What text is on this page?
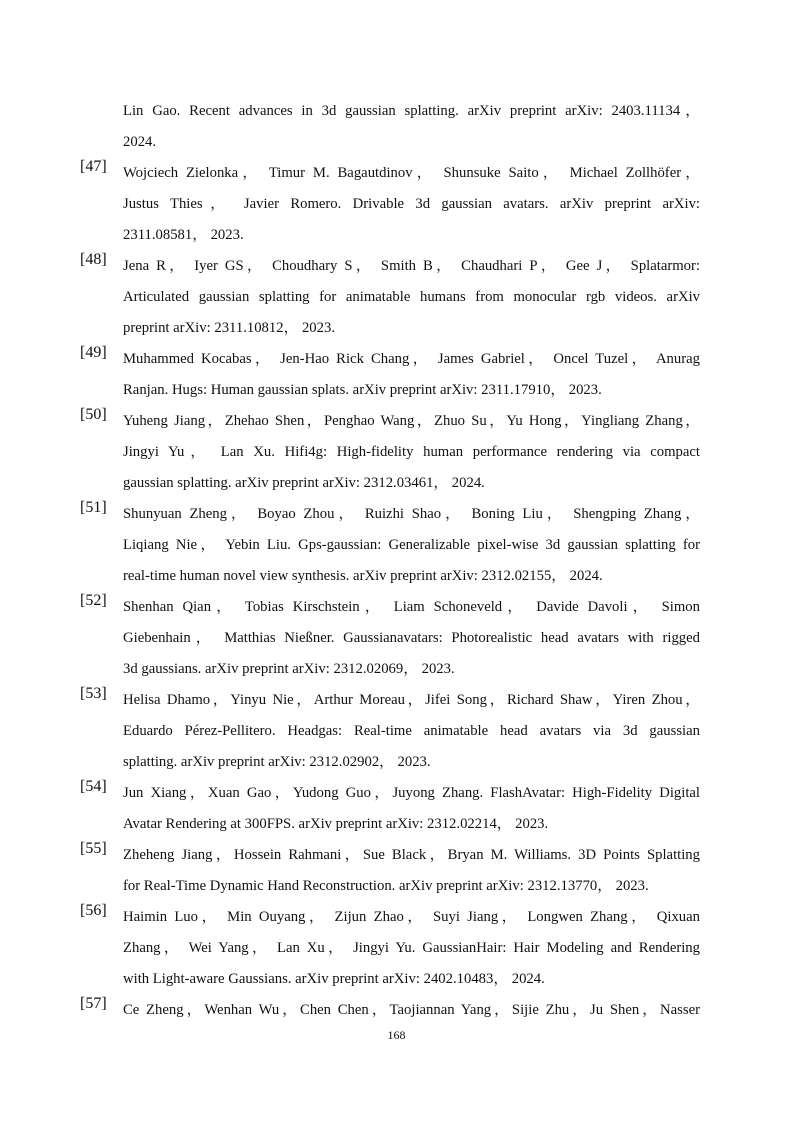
Lin Gao. Recent advances in 3d gaussian splatting. arXiv preprint arXiv: 2403.11134，
2024.
[47] Wojciech Zielonka， Timur M. Bagautdinov， Shunsuke Saito， Michael Zollhöfer，
Justus Thies， Javier Romero. Drivable 3d gaussian avatars. arXiv preprint arXiv:
2311.08581， 2023.
[48] Jena R， Iyer GS， Choudhary S， Smith B， Chaudhari P， Gee J， Splatarmor:
Articulated gaussian splatting for animatable humans from monocular rgb videos. arXiv
preprint arXiv: 2311.10812， 2023.
[49] Muhammed Kocabas， Jen-Hao Rick Chang， James Gabriel， Oncel Tuzel， Anurag
Ranjan. Hugs: Human gaussian splats. arXiv preprint arXiv: 2311.17910， 2023.
[50] Yuheng Jiang，Zhehao Shen，Penghao Wang，Zhuo Su，Yu Hong，Yingliang Zhang，
Jingyi Yu， Lan Xu. Hifi4g: High-fidelity human performance rendering via compact
gaussian splatting. arXiv preprint arXiv: 2312.03461， 2024.
[51] Shunyuan Zheng， Boyao Zhou， Ruizhi Shao， Boning Liu， Shengping Zhang，
Liqiang Nie， Yebin Liu. Gps-gaussian: Generalizable pixel-wise 3d gaussian splatting for
real-time human novel view synthesis. arXiv preprint arXiv: 2312.02155， 2024.
[52] Shenhan Qian， Tobias Kirschstein， Liam Schoneveld， Davide Davoli， Simon
Giebenhain， Matthias Nießner. Gaussianavatars: Photorealistic head avatars with rigged
3d gaussians. arXiv preprint arXiv: 2312.02069， 2023.
[53] Helisa Dhamo，Yinyu Nie，Arthur Moreau，Jifei Song，Richard Shaw，Yiren Zhou，
Eduardo Pérez-Pellitero. Headgas: Real-time animatable head avatars via 3d gaussian
splatting. arXiv preprint arXiv: 2312.02902， 2023.
[54] Jun Xiang，Xuan Gao，Yudong Guo，Juyong Zhang. FlashAvatar: High-Fidelity Digital
Avatar Rendering at 300FPS. arXiv preprint arXiv: 2312.02214， 2023.
[55] Zheheng Jiang，Hossein Rahmani，Sue Black，Bryan M. Williams. 3D Points Splatting
for Real-Time Dynamic Hand Reconstruction. arXiv preprint arXiv: 2312.13770， 2023.
[56] Haimin Luo， Min Ouyang， Zijun Zhao， Suyi Jiang， Longwen Zhang， Qixuan
Zhang， Wei Yang， Lan Xu， Jingyi Yu. GaussianHair: Hair Modeling and Rendering
with Light-aware Gaussians. arXiv preprint arXiv: 2402.10483， 2024.
[57] Ce Zheng，Wenhan Wu，Chen Chen，Taojiannan Yang，Sijie Zhu，Ju Shen，Nasser
168
